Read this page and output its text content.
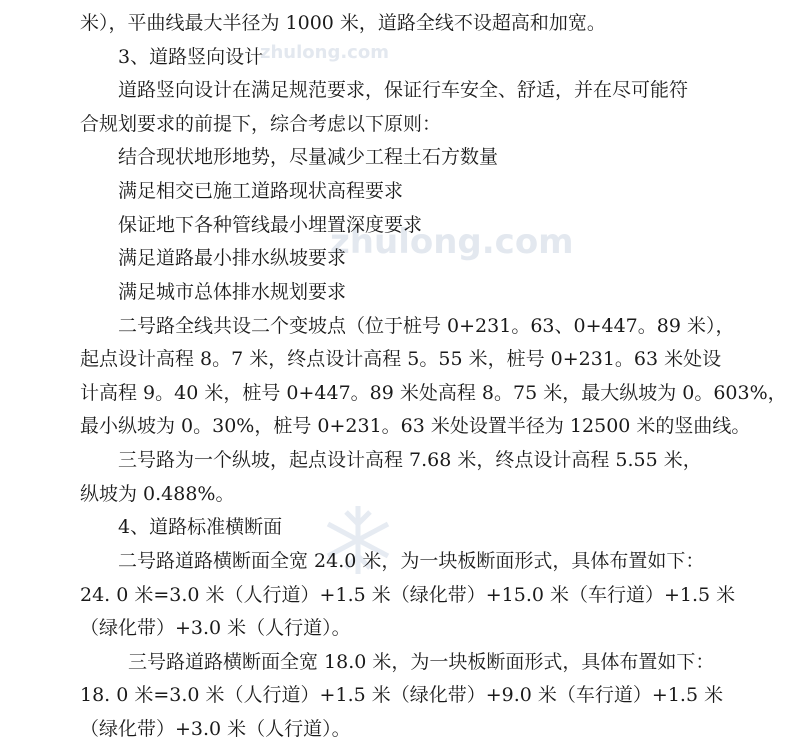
zhulong.com
zhulong.com
米），平曲线最大半径为 1000 米，道路全线不设超高和加宽。
3、道路竖向设计
道路竖向设计在满足规范要求，保证行车安全、舒适，并在尽可能符
合规划要求的前提下，综合考虑以下原则：
结合现状地形地势，尽量减少工程土石方数量
满足相交已施工道路现状高程要求
保证地下各种管线最小埋置深度要求
满足道路最小排水纵坡要求
满足城市总体排水规划要求
二号路全线共设二个变坡点（位于桩号 0+231。63、0+447。89 米），
起点设计高程 8。7 米，终点设计高程 5。55 米，桩号 0+231。63 米处设
计高程 9。40 米，桩号 0+447。89 米处高程 8。75 米，最大纵坡为 0。603%，
最小纵坡为 0。30%，桩号 0+231。63 米处设置半径为 12500 米的竖曲线。
三号路为一个纵坡，起点设计高程 7.68 米，终点设计高程 5.55 米，
纵坡为 0.488%。
4、道路标准横断面
二号路道路横断面全宽 24.0 米，为一块板断面形式，具体布置如下：
24. 0 米=3.0 米（人行道）+1.5 米（绿化带）+15.0 米（车行道）+1.5 米
（绿化带）+3.0 米（人行道）。
三号路道路横断面全宽 18.0 米，为一块板断面形式，具体布置如下：
18. 0 米=3.0 米（人行道）+1.5 米（绿化带）+9.0 米（车行道）+1.5 米
（绿化带）+3.0 米（人行道）。
